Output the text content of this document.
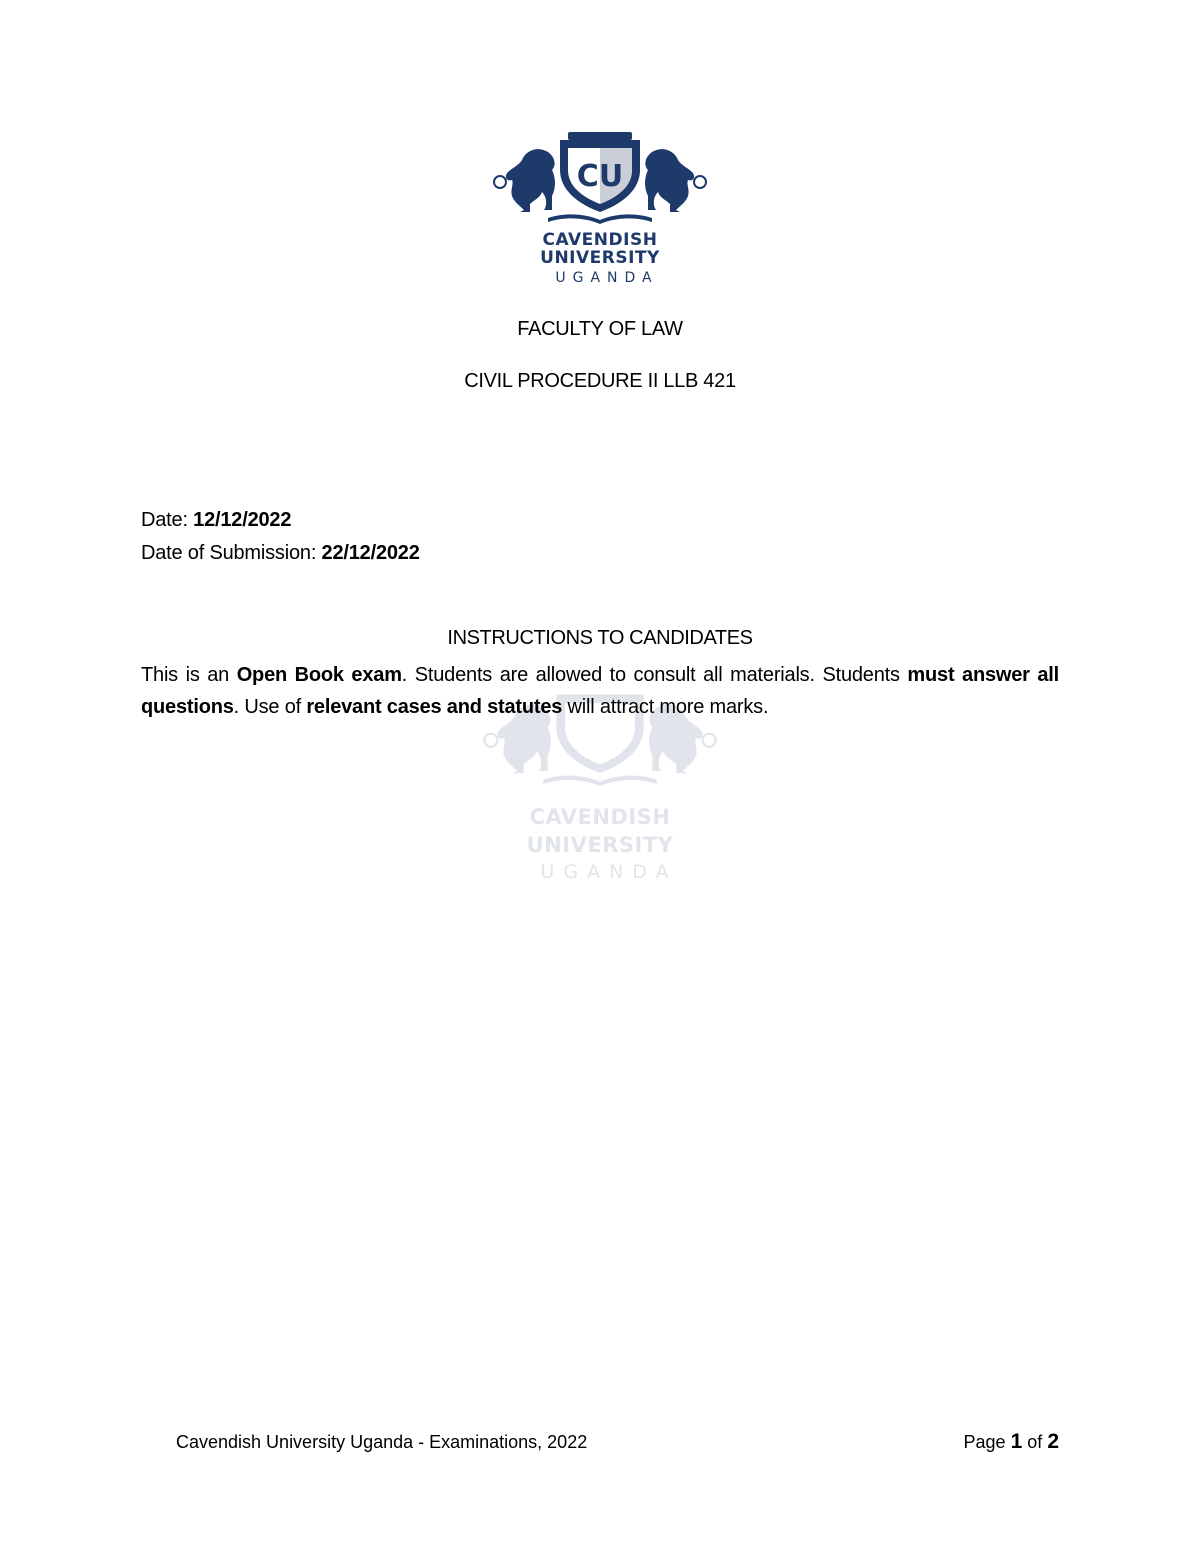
CU
CAVENDISH
UNIVERSITY
UGANDA
FACULTY OF LAW
CIVIL PROCEDURE II LLB 421
Date: 12/12/2022
Date of Submission: 22/12/2022
CAVENDISH
UNIVERSITY
UGANDA
INSTRUCTIONS TO CANDIDATES
This is an Open Book exam. Students are allowed to consult all materials. Students must answer all questions. Use of relevant cases and statutes will attract more marks.
Cavendish University Uganda - Examinations, 2022	Page 1 of 2
